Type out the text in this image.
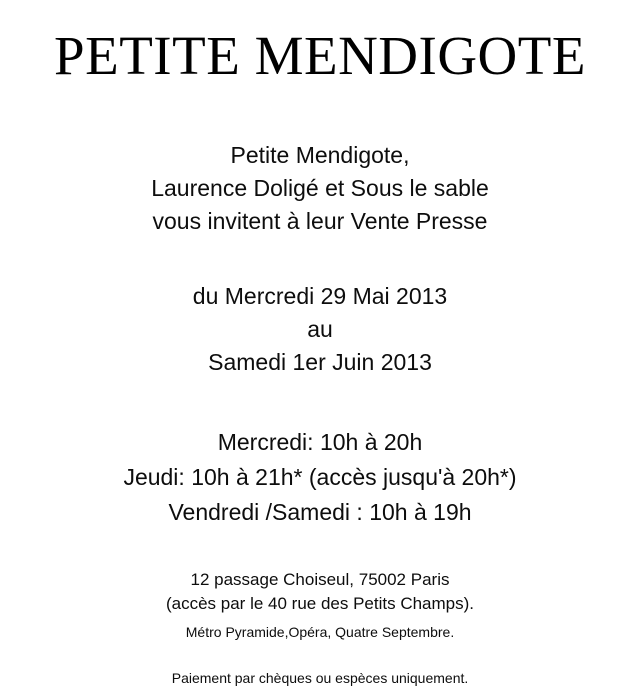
PETITE MENDIGOTE
Petite Mendigote,
Laurence Doligé et Sous le sable
vous invitent à leur Vente Presse
du Mercredi 29 Mai 2013
au
Samedi 1er Juin 2013
Mercredi: 10h à 20h
Jeudi: 10h à 21h* (accès jusqu'à 20h*)
Vendredi /Samedi : 10h à 19h
12 passage Choiseul, 75002 Paris
(accès par le 40 rue des Petits Champs).
Métro Pyramide,Opéra, Quatre Septembre.
Paiement par chèques ou espèces uniquement.
